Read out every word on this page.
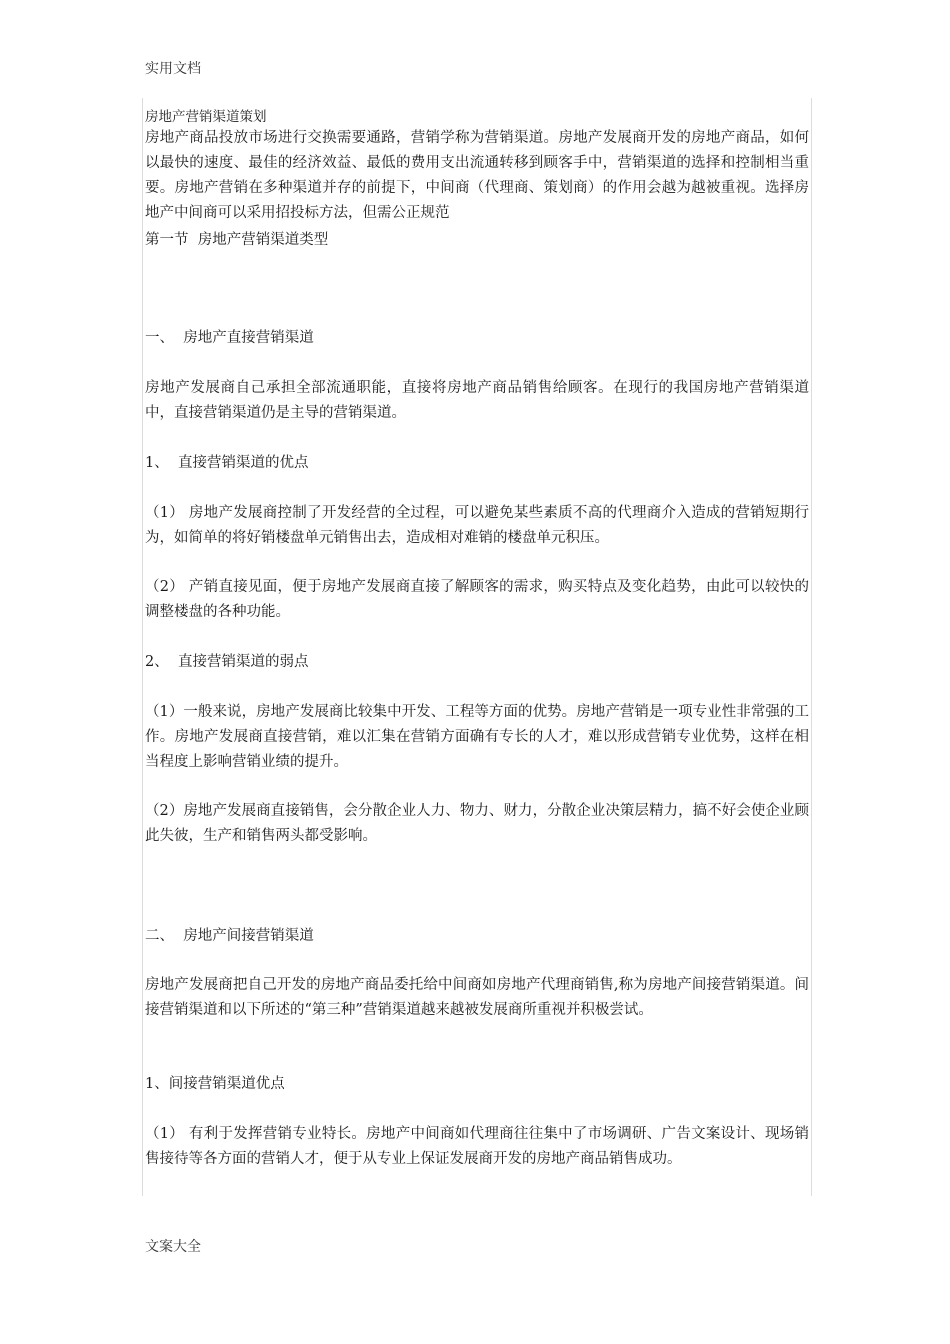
实用文档
房地产营销渠道策划
房地产商品投放市场进行交换需要通路，营销学称为营销渠道。房地产发展商开发的房地产商品，如何以最快的速度、最佳的经济效益、最低的费用支出流通转移到顾客手中，营销渠道的选择和控制相当重要。房地产营销在多种渠道并存的前提下，中间商（代理商、策划商）的作用会越为越被重视。选择房地产中间商可以采用招投标方法，但需公正规范
第一节  房地产营销渠道类型
一、  房地产直接营销渠道
房地产发展商自己承担全部流通职能，直接将房地产商品销售给顾客。在现行的我国房地产营销渠道中，直接营销渠道仍是主导的营销渠道。
1、  直接营销渠道的优点
（1） 房地产发展商控制了开发经营的全过程，可以避免某些素质不高的代理商介入造成的营销短期行为，如简单的将好销楼盘单元销售出去，造成相对难销的楼盘单元积压。
（2） 产销直接见面，便于房地产发展商直接了解顾客的需求，购买特点及变化趋势，由此可以较快的调整楼盘的各种功能。
2、  直接营销渠道的弱点
（1）一般来说，房地产发展商比较集中开发、工程等方面的优势。房地产营销是一项专业性非常强的工作。房地产发展商直接营销，难以汇集在营销方面确有专长的人才，难以形成营销专业优势，这样在相当程度上影响营销业绩的提升。
（2）房地产发展商直接销售，会分散企业人力、物力、财力，分散企业决策层精力，搞不好会使企业顾此失彼，生产和销售两头都受影响。
二、  房地产间接营销渠道
房地产发展商把自己开发的房地产商品委托给中间商如房地产代理商销售,称为房地产间接营销渠道。间接营销渠道和以下所述的“第三种”营销渠道越来越被发展商所重视并积极尝试。
1、间接营销渠道优点
（1） 有利于发挥营销专业特长。房地产中间商如代理商往往集中了市场调研、广告文案设计、现场销售接待等各方面的营销人才，便于从专业上保证发展商开发的房地产商品销售成功。
文案大全
